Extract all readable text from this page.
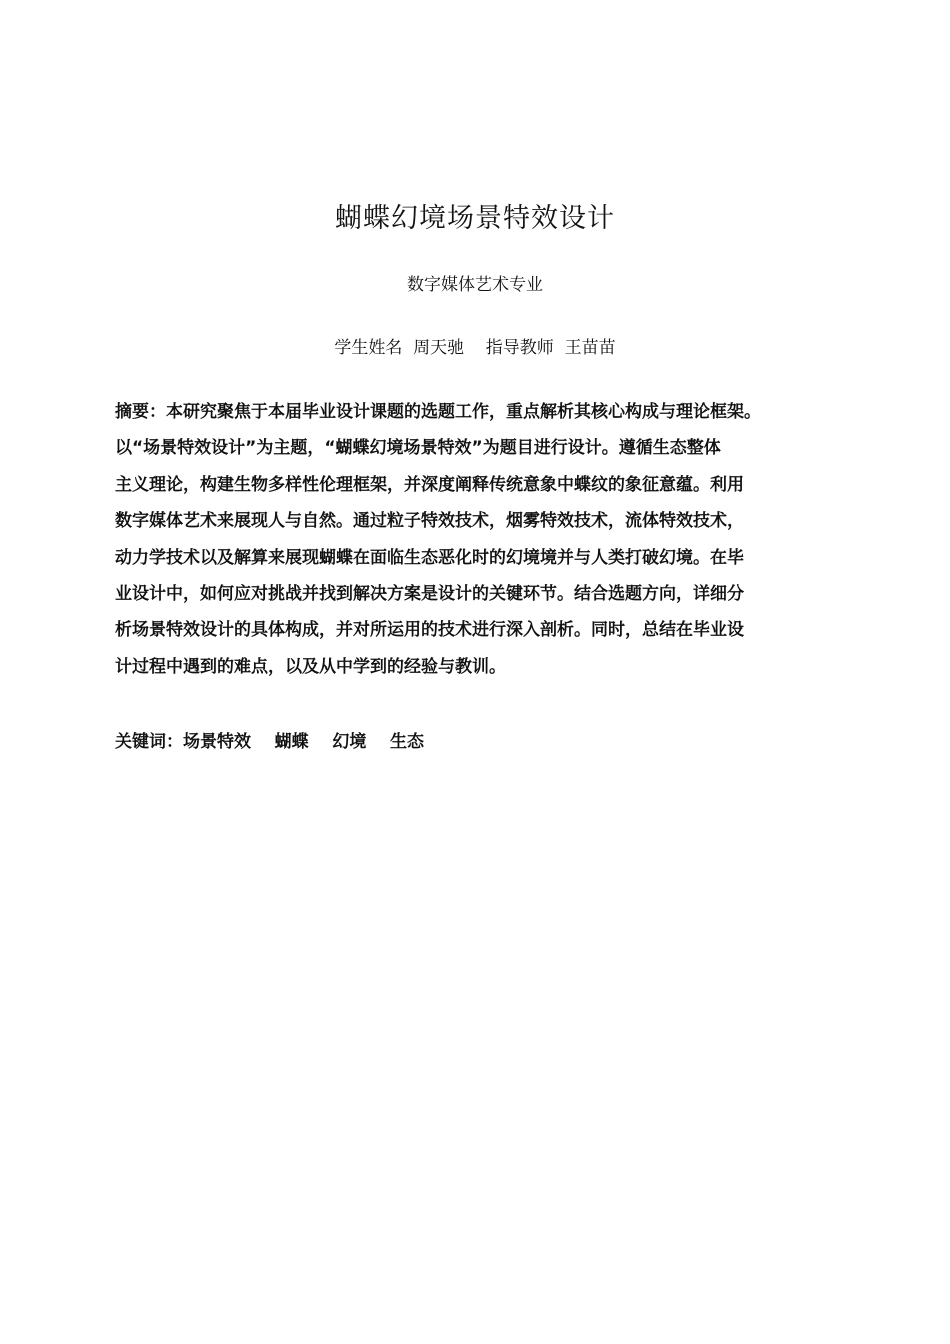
蝴蝶幻境场景特效设计
数字媒体艺术专业
学生姓名  周天驰    指导教师  王苗苗
摘要：本研究聚焦于本届毕业设计课题的选题工作，重点解析其核心构成与理论框架。
以“场景特效设计”为主题，“蝴蝶幻境场景特效”为题目进行设计。遵循生态整体
主义理论，构建生物多样性伦理框架，并深度阐释传统意象中蝶纹的象征意蕴。利用
数字媒体艺术来展现人与自然。通过粒子特效技术，烟雾特效技术，流体特效技术，
动力学技术以及解算来展现蝴蝶在面临生态恶化时的幻境境并与人类打破幻境。在毕
业设计中，如何应对挑战并找到解决方案是设计的关键环节。结合选题方向，详细分
析场景特效设计的具体构成，并对所运用的技术进行深入剖析。同时，总结在毕业设
计过程中遇到的难点，以及从中学到的经验与教训。
关键词：场景特效    蝴蝶    幻境    生态
